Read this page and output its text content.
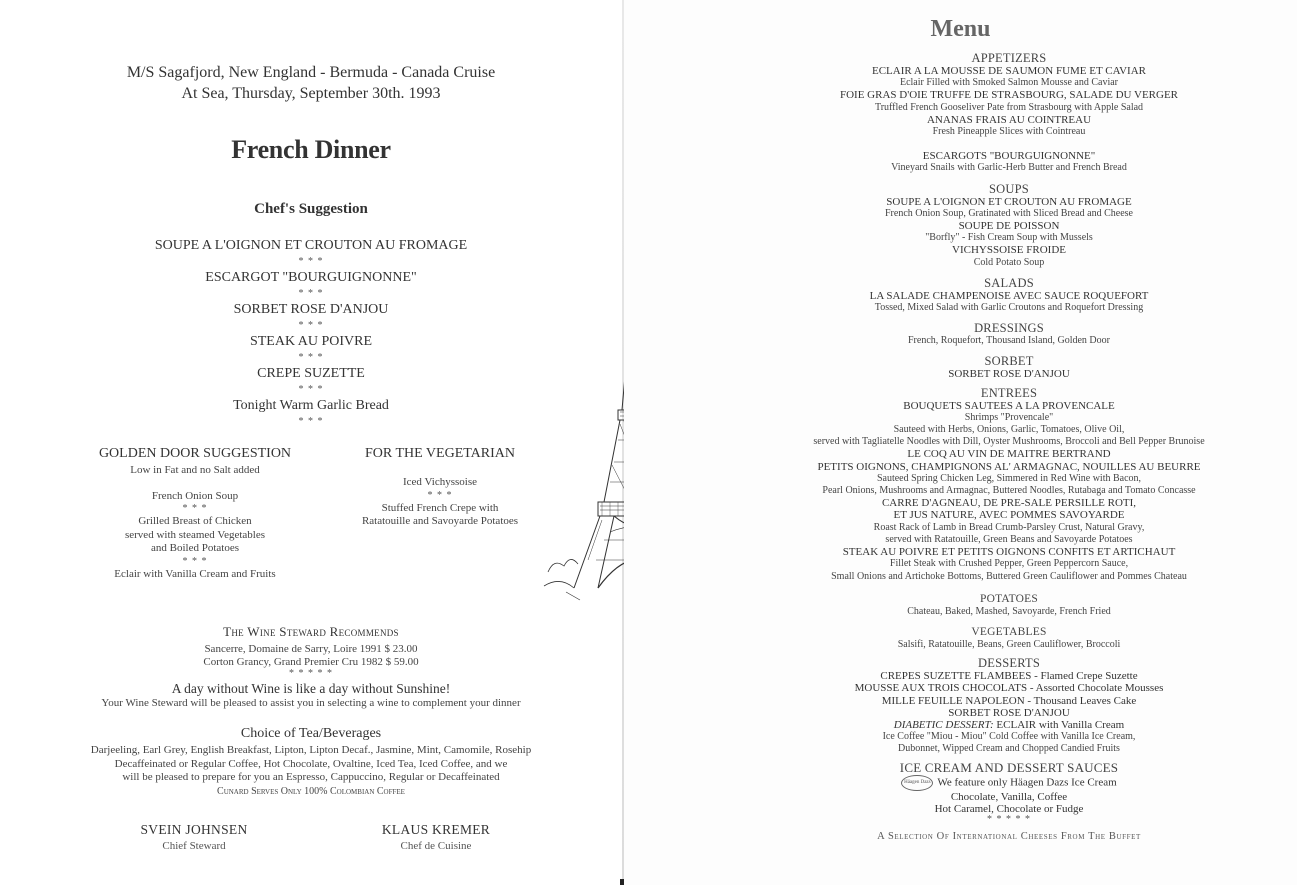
M/S Sagafjord, New England - Bermuda - Canada Cruise
At Sea, Thursday, September 30th. 1993
French Dinner
Chef's Suggestion
SOUPE A L'OIGNON ET CROUTON AU FROMAGE
* * *
ESCARGOT "BOURGUIGNONNE"
* * *
SORBET ROSE D'ANJOU
* * *
STEAK AU POIVRE
* * *
CREPE SUZETTE
* * *
Tonight Warm Garlic Bread
* * *
GOLDEN DOOR SUGGESTION
Low in Fat and no Salt added
French Onion Soup
* * *
Grilled Breast of Chicken
served with steamed Vegetables
and Boiled Potatoes
* * *
Eclair with Vanilla Cream and Fruits
FOR THE VEGETARIAN
Iced Vichyssoise
* * *
Stuffed French Crepe with
Ratatouille and Savoyarde Potatoes
The Wine Steward Recommends
Sancerre, Domaine de Sarry, Loire 1991 $ 23.00
Corton Grancy, Grand Premier Cru 1982 $ 59.00
* * * * *
A day without Wine is like a day without Sunshine!
Your Wine Steward will be pleased to assist you in selecting a wine to complement your dinner
Choice of Tea/Beverages
Darjeeling, Earl Grey, English Breakfast, Lipton, Lipton Decaf., Jasmine, Mint, Camomile, Rosehip
Decaffeinated or Regular Coffee, Hot Chocolate, Ovaltine, Iced Tea, Iced Coffee, and we
will be pleased to prepare for you an Espresso, Cappuccino, Regular or Decaffeinated
Cunard Serves Only 100% Colombian Coffee
SVEIN JOHNSEN
Chief Steward
KLAUS KREMER
Chef de Cuisine
Menu
APPETIZERS
ECLAIR A LA MOUSSE DE SAUMON FUME ET CAVIAR
Eclair Filled with Smoked Salmon Mousse and Caviar
FOIE GRAS D'OIE TRUFFE DE STRASBOURG, SALADE DU VERGER
Truffled French Gooseliver Pate from Strasbourg with Apple Salad
ANANAS FRAIS AU COINTREAU
Fresh Pineapple Slices with Cointreau
ESCARGOTS "BOURGUIGNONNE"
Vineyard Snails with Garlic-Herb Butter and French Bread
SOUPS
SOUPE A L'OIGNON ET CROUTON AU FROMAGE
French Onion Soup, Gratinated with Sliced Bread and Cheese
SOUPE DE POISSON
"Borfly" - Fish Cream Soup with Mussels
VICHYSSOISE FROIDE
Cold Potato Soup
SALADS
LA SALADE CHAMPENOISE AVEC SAUCE ROQUEFORT
Tossed, Mixed Salad with Garlic Croutons and Roquefort Dressing
DRESSINGS
French, Roquefort, Thousand Island, Golden Door
SORBET
SORBET ROSE D'ANJOU
ENTREES
BOUQUETS SAUTEES A LA PROVENCALE
Shrimps "Provencale"
Sauteed with Herbs, Onions, Garlic, Tomatoes, Olive Oil,
served with Tagliatelle Noodles with Dill, Oyster Mushrooms, Broccoli and Bell Pepper Brunoise
LE COQ AU VIN DE MAITRE BERTRAND
PETITS OIGNONS, CHAMPIGNONS AL' ARMAGNAC, NOUILLES AU BEURRE
Sauteed Spring Chicken Leg, Simmered in Red Wine with Bacon,
Pearl Onions, Mushrooms and Armagnac, Buttered Noodles, Rutabaga and Tomato Concasse
CARRE D'AGNEAU, DE PRE-SALE PERSILLE ROTI,
ET JUS NATURE, AVEC POMMES SAVOYARDE
Roast Rack of Lamb in Bread Crumb-Parsley Crust, Natural Gravy,
served with Ratatouille, Green Beans and Savoyarde Potatoes
STEAK AU POIVRE ET PETITS OIGNONS CONFITS ET ARTICHAUT
Fillet Steak with Crushed Pepper, Green Peppercorn Sauce,
Small Onions and Artichoke Bottoms, Buttered Green Cauliflower and Pommes Chateau
POTATOES
Chateau, Baked, Mashed, Savoyarde, French Fried
VEGETABLES
Salsifi, Ratatouille, Beans, Green Cauliflower, Broccoli
DESSERTS
CREPES SUZETTE FLAMBEES - Flamed Crepe Suzette
MOUSSE AUX TROIS CHOCOLATS - Assorted Chocolate Mousses
MILLE FEUILLE NAPOLEON - Thousand Leaves Cake
SORBET ROSE D'ANJOU
DIABETIC DESSERT: ECLAIR with Vanilla Cream
Ice Coffee "Miou - Miou" Cold Coffee with Vanilla Ice Cream,
Dubonnet, Wipped Cream and Chopped Candied Fruits
ICE CREAM AND DESSERT SAUCES
Häagen Dazs We feature only Häagen Dazs Ice Cream
Chocolate, Vanilla, Coffee
Hot Caramel, Chocolate or Fudge
* * * * *
A Selection Of International Cheeses From The Buffet
